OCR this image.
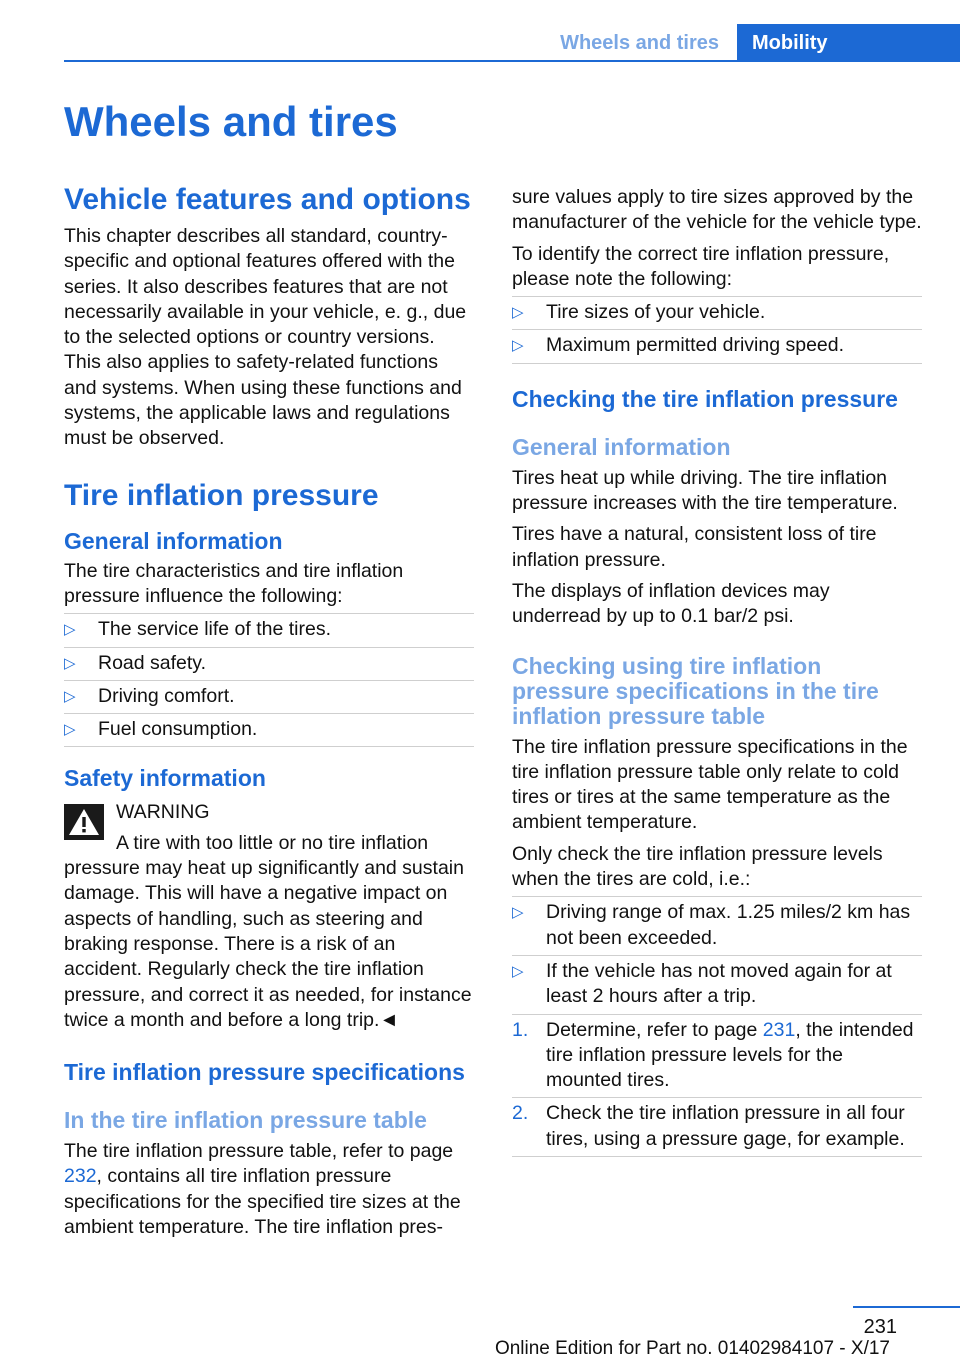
Wheels and tires	Mobility
Wheels and tires
Vehicle features and options

This chapter describes all standard, country-specific and optional features offered with the series. It also describes features that are not necessarily available in your vehicle, e. g., due to the selected options or country versions. This also applies to safety-related functions and systems. When using these functions and systems, the applicable laws and regulations must be observed.

Tire inflation pressure
General information

The tire characteristics and tire inflation pressure influence the following:

▷	The service life of the tires.
▷	Road safety.
▷	Driving comfort.
▷	Fuel consumption.
Safety information

WARNING

A tire with too little or no tire inflation pressure may heat up significantly and sustain damage. This will have a negative impact on aspects of handling, such as steering and braking response. There is a risk of an accident. Regularly check the tire inflation pressure, and correct it as needed, for instance twice a month and before a long trip.◄

Tire inflation pressure specifications
In the tire inflation pressure table

The tire inflation pressure table, refer to page 232, contains all tire inflation pressure specifications for the specified tire sizes at the ambient temperature. The tire inflation pres-

sure values apply to tire sizes approved by the manufacturer of the vehicle for the vehicle type.

To identify the correct tire inflation pressure, please note the following:

▷	Tire sizes of your vehicle.
▷	Maximum permitted driving speed.
Checking the tire inflation pressure
General information

Tires heat up while driving. The tire inflation pressure increases with the tire temperature.

Tires have a natural, consistent loss of tire inflation pressure.

The displays of inflation devices may underread by up to 0.1 bar/2 psi.

Checking using tire inflation pressure specifications in the tire inflation pressure table

The tire inflation pressure specifications in the tire inflation pressure table only relate to cold tires or tires at the same temperature as the ambient temperature.

Only check the tire inflation pressure levels when the tires are cold, i.e.:

▷	Driving range of max. 1.25 miles/2 km has not been exceeded.
▷	If the vehicle has not moved again for at least 2 hours after a trip.
1. Determine, refer to page 231, the intended tire inflation pressure levels for the mounted tires.
2. Check the tire inflation pressure in all four tires, using a pressure gage, for example.
231
Online Edition for Part no. 01402984107 - X/17
